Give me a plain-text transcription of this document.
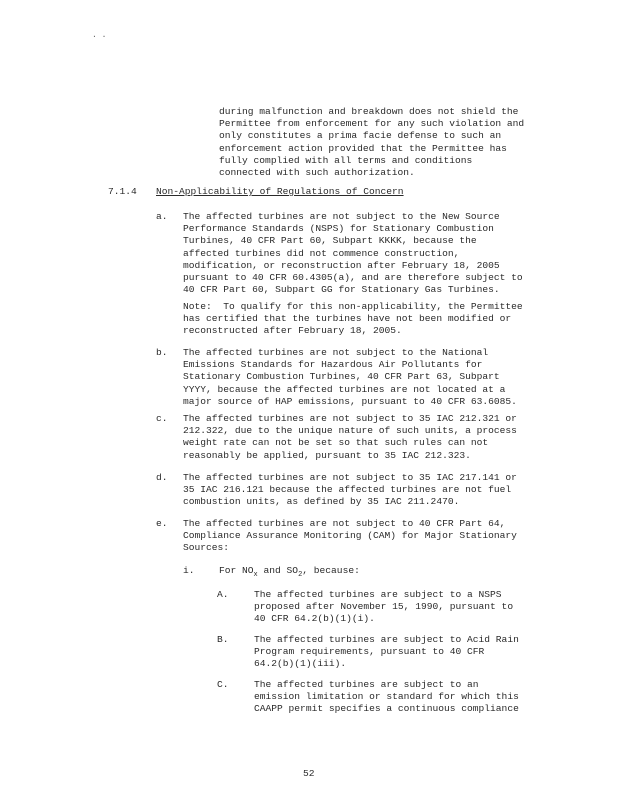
. .
during malfunction and breakdown does not shield the
Permittee from enforcement for any such violation and
only constitutes a prima facie defense to such an
enforcement action provided that the Permittee has
fully complied with all terms and conditions
connected with such authorization.
7.1.4 Non-Applicability of Regulations of Concern
a. The affected turbines are not subject to the New Source
Performance Standards (NSPS) for Stationary Combustion
Turbines, 40 CFR Part 60, Subpart KKKK, because the
affected turbines did not commence construction,
modification, or reconstruction after February 18, 2005
pursuant to 40 CFR 60.4305(a), and are therefore subject to
40 CFR Part 60, Subpart GG for Stationary Gas Turbines.
Note:  To qualify for this non-applicability, the Permittee
has certified that the turbines have not been modified or
reconstructed after February 18, 2005.
b. The affected turbines are not subject to the National
Emissions Standards for Hazardous Air Pollutants for
Stationary Combustion Turbines, 40 CFR Part 63, Subpart
YYYY, because the affected turbines are not located at a
major source of HAP emissions, pursuant to 40 CFR 63.6085.
c. The affected turbines are not subject to 35 IAC 212.321 or
212.322, due to the unique nature of such units, a process
weight rate can not be set so that such rules can not
reasonably be applied, pursuant to 35 IAC 212.323.
d. The affected turbines are not subject to 35 IAC 217.141 or
35 IAC 216.121 because the affected turbines are not fuel
combustion units, as defined by 35 IAC 211.2470.
e. The affected turbines are not subject to 40 CFR Part 64,
Compliance Assurance Monitoring (CAM) for Major Stationary
Sources:
i.	For $NO_x$ and $SO_2$, because:
A.	The affected turbines are subject to a NSPS
proposed after November 15, 1990, pursuant to
40 CFR 64.2(b)(1)(i).
B.	The affected turbines are subject to Acid Rain
Program requirements, pursuant to 40 CFR
64.2(b)(1)(iii).
C.	The affected turbines are subject to an
emission limitation or standard for which this
CAAPP permit specifies a continuous compliance
52
